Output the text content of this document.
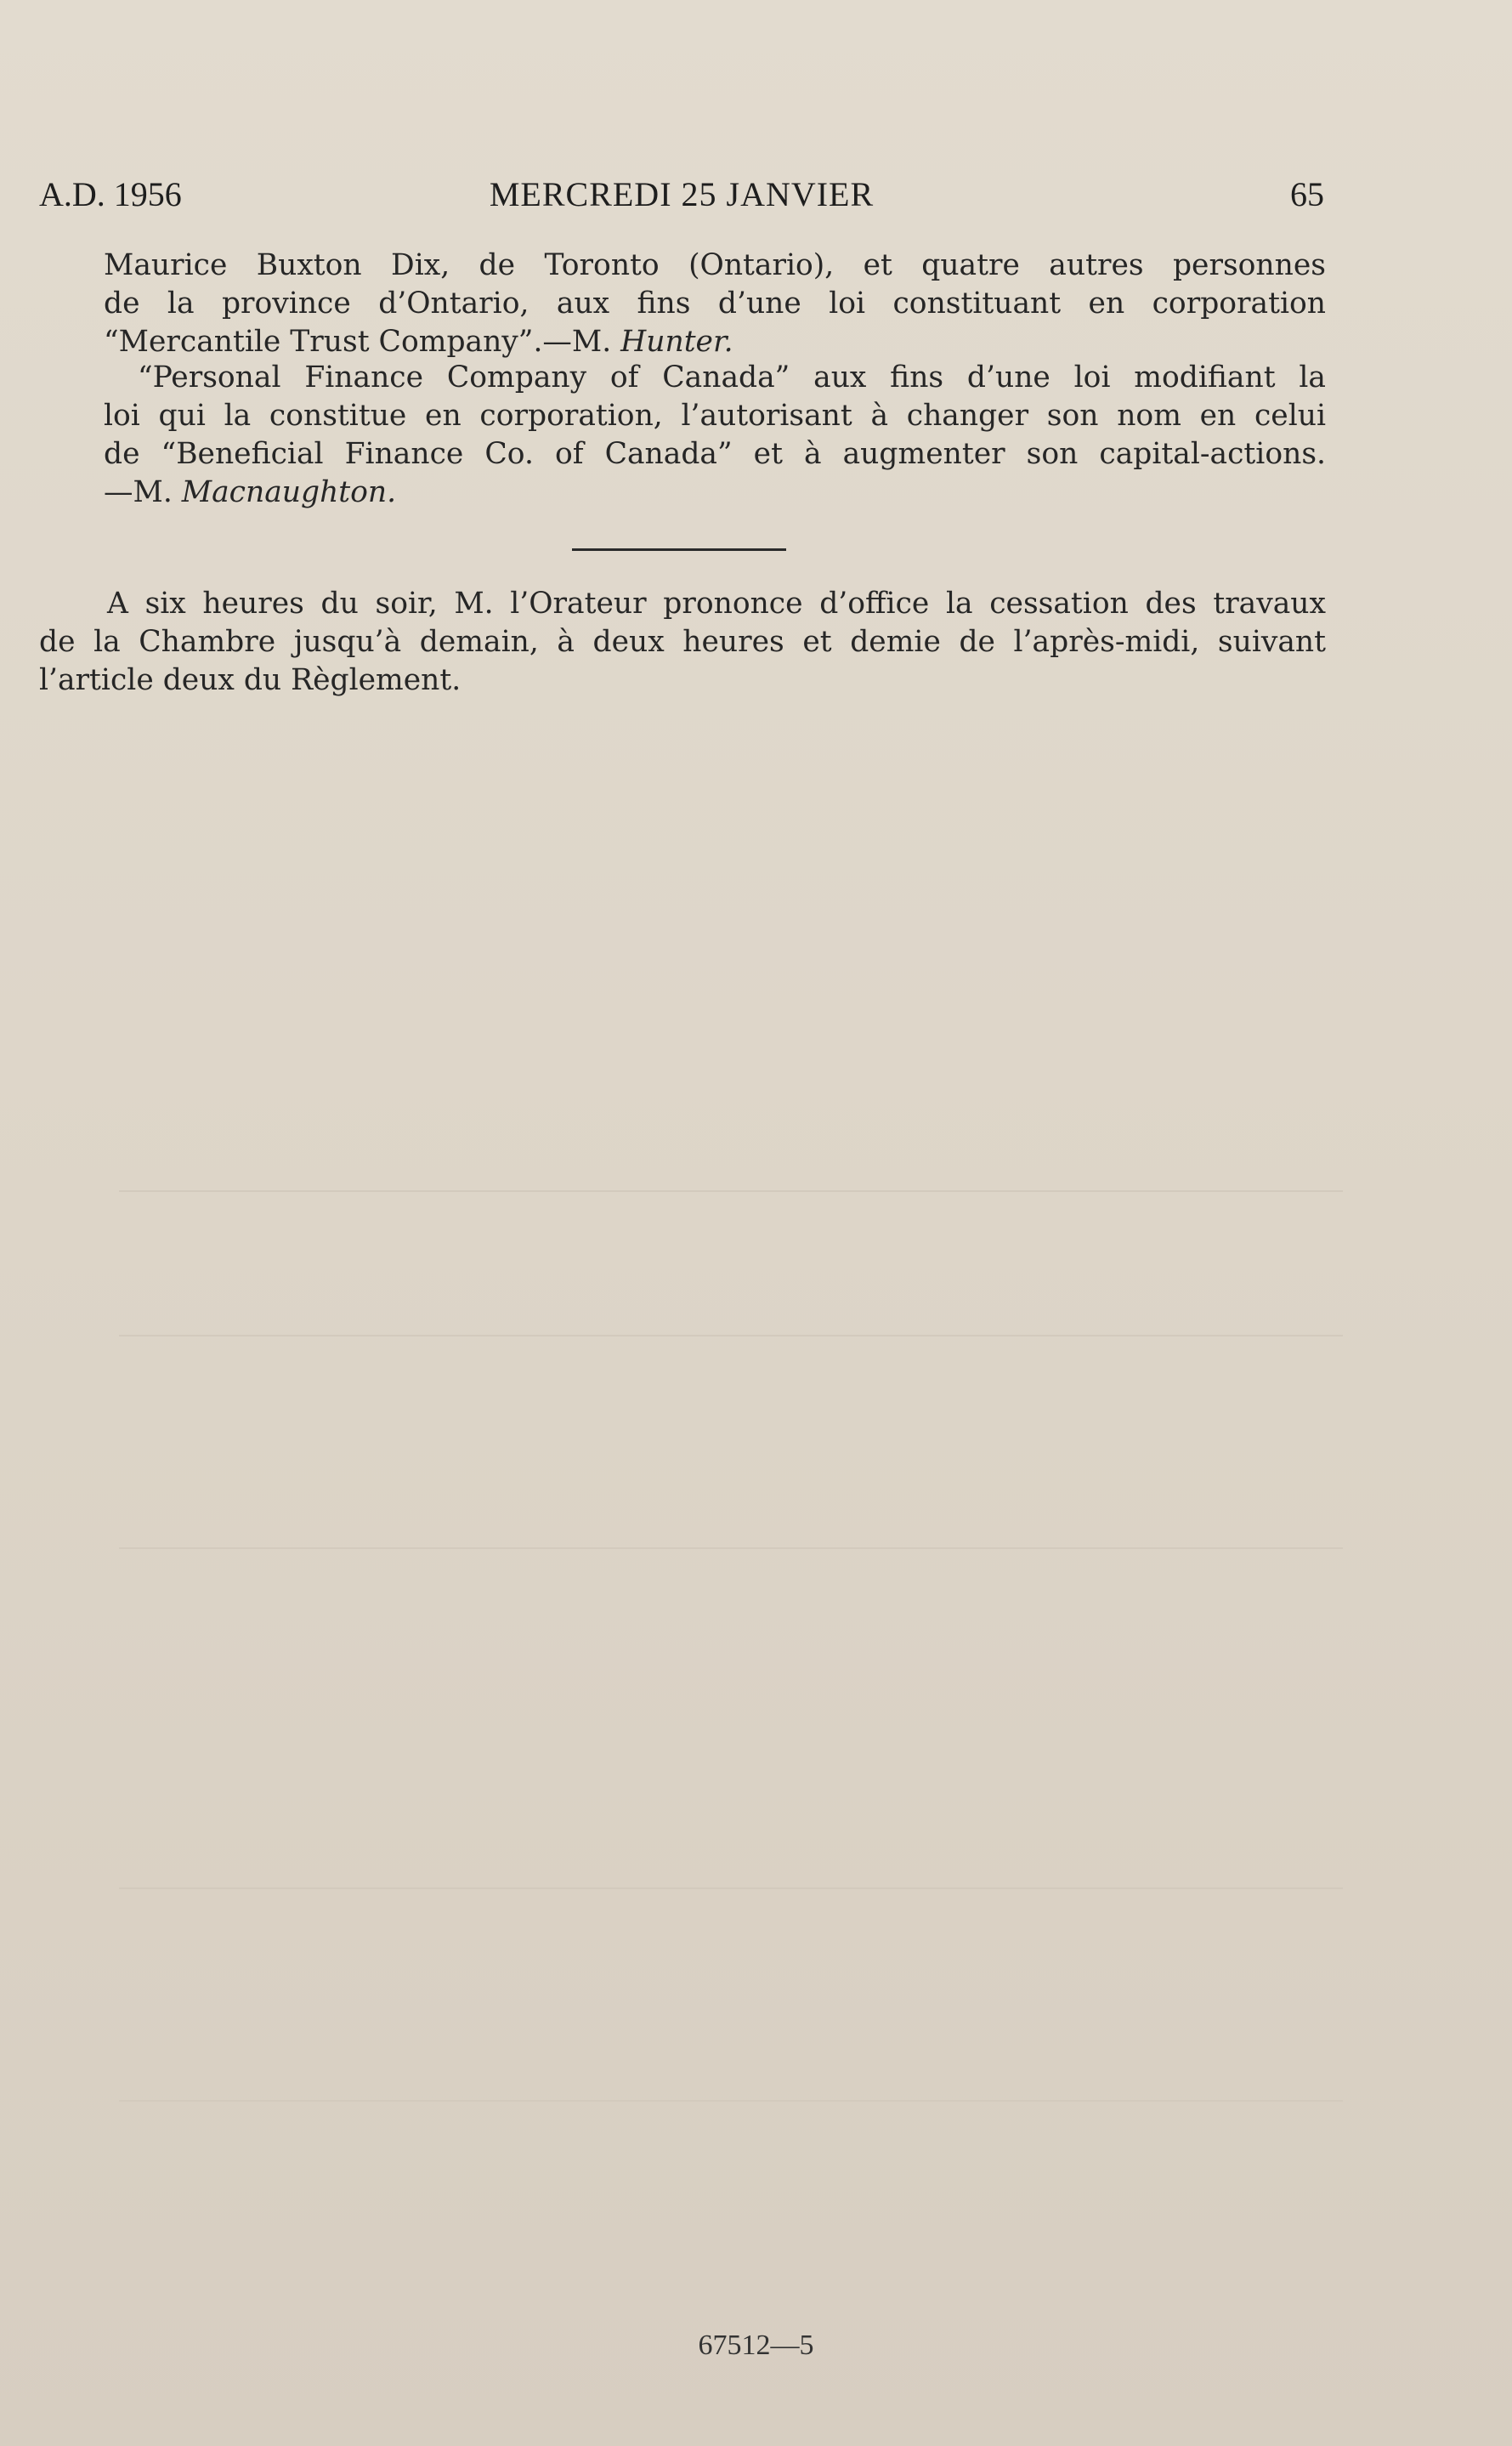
A.D. 1956	MERCREDI 25 JANVIER	65
Maurice Buxton Dix, de Toronto (Ontario), et quatre autres personnes
de la province d’Ontario, aux fins d’une loi constituant en corporation
“Mercantile Trust Company”.—M. Hunter.
“Personal Finance Company of Canada” aux fins d’une loi modifiant la
loi qui la constitue en corporation, l’autorisant à changer son nom en celui
de “Beneficial Finance Co. of Canada” et à augmenter son capital-actions.
—M. Macnaughton.
A six heures du soir, M. l’Orateur prononce d’office la cessation des travaux
de la Chambre jusqu’à demain, à deux heures et demie de l’après-midi, suivant
l’article deux du Règlement.
67512—5
